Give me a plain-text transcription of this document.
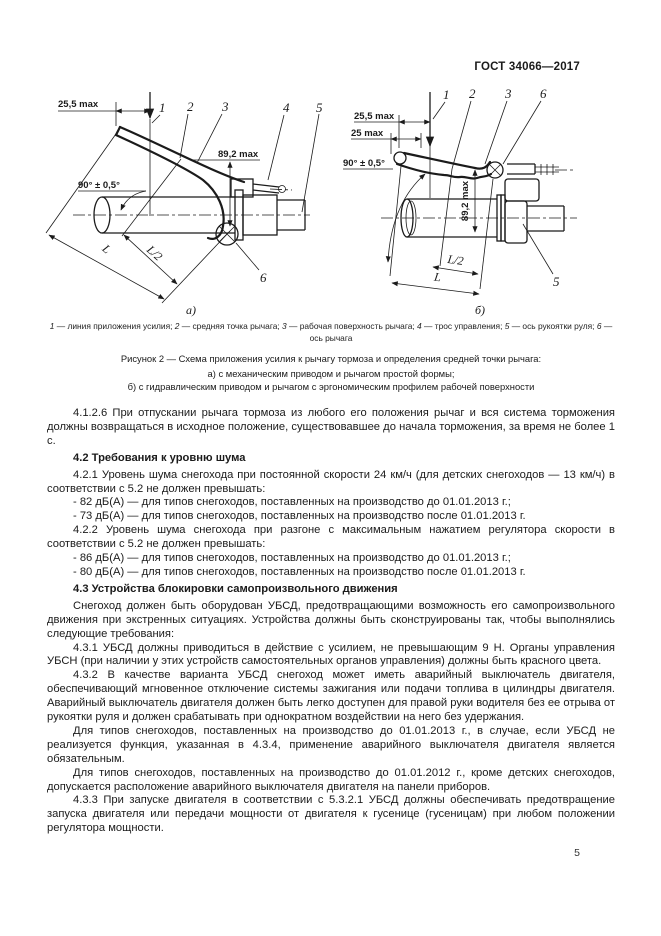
ГОСТ 34066—2017
25,5 max
89,2 max
90° ± 0,5°
L	L/2
1 2 3	4 5
6
а)
25,5 max
25 max
89,2 max
90° ± 0,5°
L/2
L
1 2 3 6
5
б)
1 — линия приложения усилия; 2 — средняя точка рычага; 3 — рабочая поверхность рычага; 4 — трос управления; 5 — ось рукоятки руля; 6 — ось рычага
Рисунок 2 — Схема приложения усилия к рычагу тормоза и определения средней точки рычага:
а) с механическим приводом и рычагом простой формы;
б) с гидравлическим приводом и рычагом с эргономическим профилем рабочей поверхности

4.1.2.6 При отпускании рычага тормоза из любого его положения рычаг и вся система торможения должны возвращаться в исходное положение, существовавшее до начала торможения, за время не более 1 с.

4.2 Требования к уровню шума

4.2.1 Уровень шума снегохода при постоянной скорости 24 км/ч (для детских снегоходов — 13 км/ч) в соответствии с 5.2 не должен превышать:

- 82 дБ(А) — для типов снегоходов, поставленных на производство до 01.01.2013 г.;

- 73 дБ(А) — для типов снегоходов, поставленных на производство после 01.01.2013 г.

4.2.2 Уровень шума снегохода при разгоне с максимальным нажатием регулятора скорости в соответствии с 5.2 не должен превышать:

- 86 дБ(А) — для типов снегоходов, поставленных на производство до 01.01.2013 г.;

- 80 дБ(А) — для типов снегоходов, поставленных на производство после 01.01.2013 г.

4.3 Устройства блокировки самопроизвольного движения

Снегоход должен быть оборудован УБСД, предотвращающими возможность его самопроизвольного движения при экстренных ситуациях. Устройства должны быть сконструированы так, чтобы выполнялись следующие требования:

4.3.1 УБСД должны приводиться в действие с усилием, не превышающим 9 Н. Органы управления УБСН (при наличии у этих устройств самостоятельных органов управления) должны быть красного цвета.

4.3.2 В качестве варианта УБСД снегоход может иметь аварийный выключатель двигателя, обеспечивающий мгновенное отключение системы зажигания или подачи топлива в цилиндры двигателя. Аварийный выключатель двигателя должен быть легко доступен для правой руки водителя без ее отрыва от рукоятки руля и должен срабатывать при однократном воздействии на него без удержания.

Для типов снегоходов, поставленных на производство до 01.01.2013 г., в случае, если УБСД не реализуется функция, указанная в 4.3.4, применение аварийного выключателя двигателя является обязательным.

Для типов снегоходов, поставленных на производство до 01.01.2012 г., кроме детских снегоходов, допускается расположение аварийного выключателя двигателя на панели приборов.

4.3.3 При запуске двигателя в соответствии с 5.3.2.1 УБСД должны обеспечивать предотвращение запуска двигателя или передачи мощности от двигателя к гусенице (гусеницам) при любом положении регулятора мощности.

5
